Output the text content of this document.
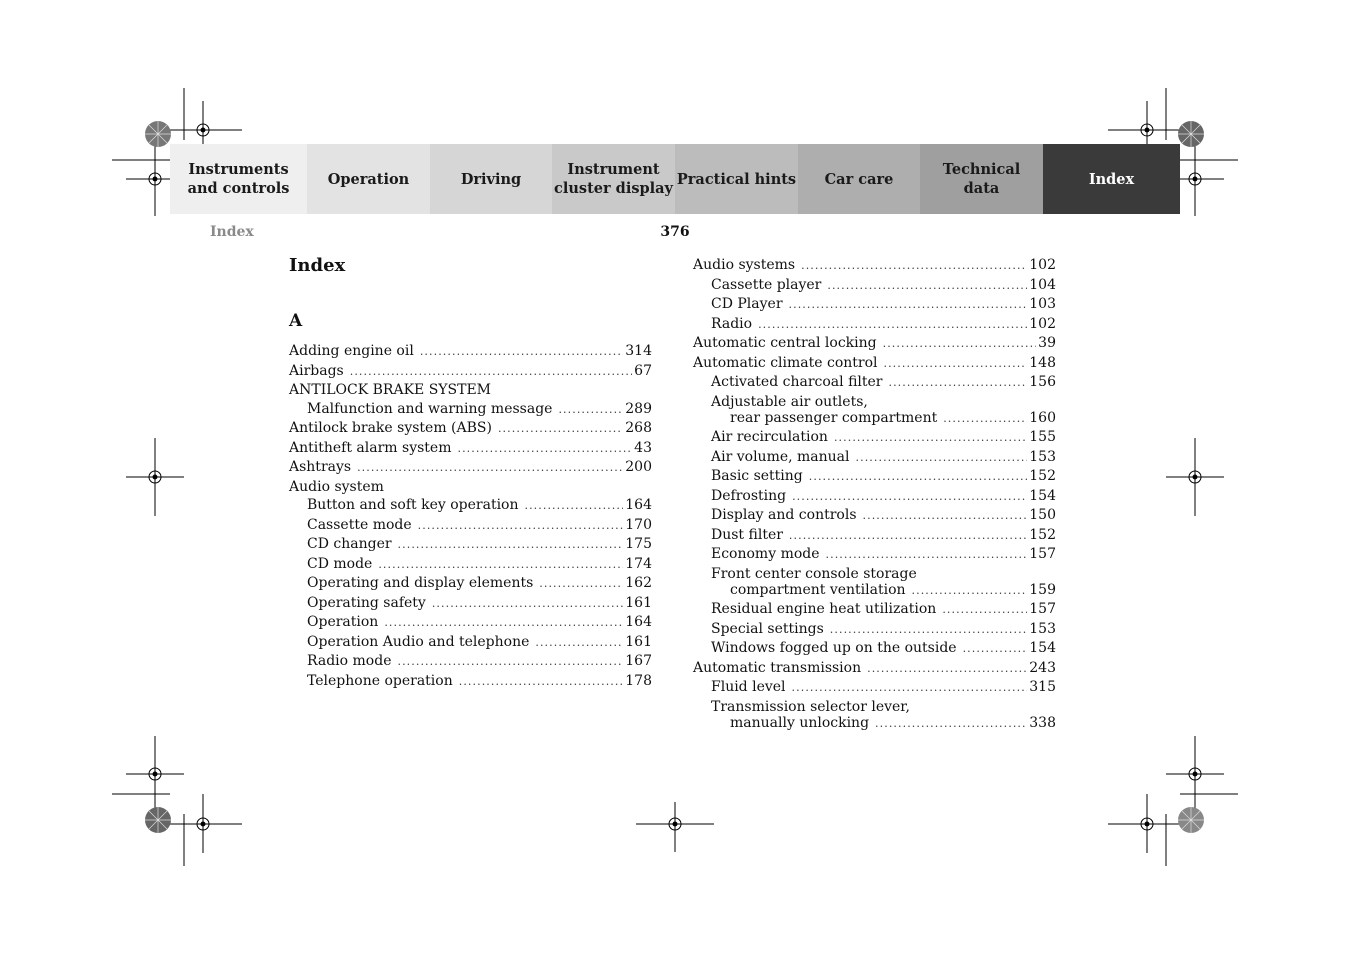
Instruments
and controls
Operation	Driving
Instrument
cluster display
Practical hints Car care
Technical
data
Index
Index	376
Index
A
Adding engine oil . . .	314
Airbags . . .	67
ANTILOCK BRAKE SYSTEM
Malfunction and warning message . . .	289
Antilock brake system (ABS) . . .	268
Antitheft alarm system . . .	43
Ashtrays . . .	200
Audio system
Button and soft key operation . . .	164
Cassette mode . . .	170
CD changer . . .	175
CD mode . . .	174
Operating and display elements . . .	162
Operating safety . . .	161
Operation . . .	164
Operation Audio and telephone . . .	161
Radio mode . . .	167
Telephone operation . . .	178
Audio systems . . .	102
Cassette player . . .	104
CD Player . . .	103
Radio . . .	102
Automatic central locking . . .	39
Automatic climate control . . .	148
Activated charcoal filter . . .	156
Adjustable air outlets,
rear passenger compartment . . .	160
Air recirculation . . .	155
Air volume, manual . . .	153
Basic setting . . .	152
Defrosting . . .	154
Display and controls . . .	150
Dust filter . . .	152
Economy mode . . .	157
Front center console storage
compartment ventilation . . .	159
Residual engine heat utilization . . .	157
Special settings . . .	153
Windows fogged up on the outside . . .	154
Automatic transmission . . .	243
Fluid level . . .	315
Transmission selector lever,
manually unlocking . . .	338
